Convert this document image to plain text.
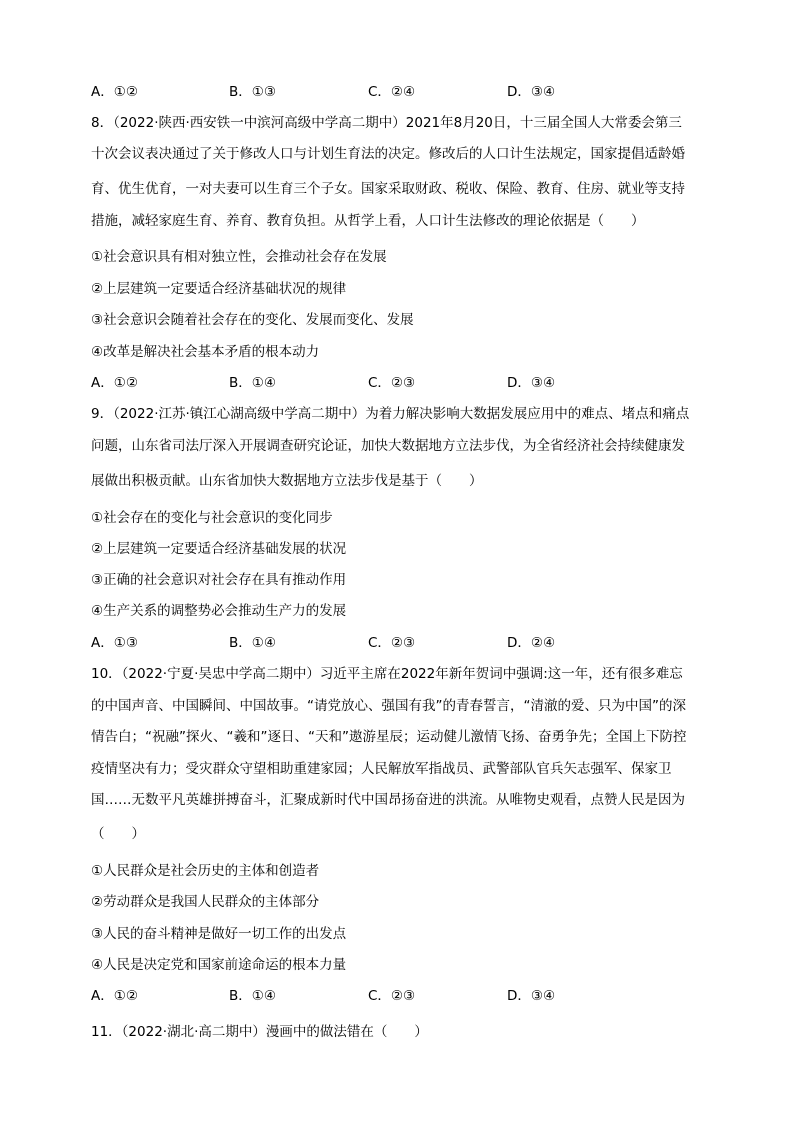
A．①②	B．①③	C．②④	D．③④
8．（2022·陕西·西安铁一中滨河高级中学高二期中）2021年8月20日，十三届全国人大常委会第三
十次会议表决通过了关于修改人口与计划生育法的决定。修改后的人口计生法规定，国家提倡适龄婚
育、优生优育，一对夫妻可以生育三个子女。国家采取财政、税收、保险、教育、住房、就业等支持
措施，减轻家庭生育、养育、教育负担。从哲学上看，人口计生法修改的理论依据是（　　）
①社会意识具有相对独立性，会推动社会存在发展
②上层建筑一定要适合经济基础状况的规律
③社会意识会随着社会存在的变化、发展而变化、发展
④改革是解决社会基本矛盾的根本动力
A．①②	B．①④	C．②③	D．③④
9．（2022·江苏·镇江心湖高级中学高二期中）为着力解决影响大数据发展应用中的难点、堵点和痛点
问题，山东省司法厅深入开展调查研究论证，加快大数据地方立法步伐，为全省经济社会持续健康发
展做出积极贡献。山东省加快大数据地方立法步伐是基于（　　）
①社会存在的变化与社会意识的变化同步
②上层建筑一定要适合经济基础发展的状况
③正确的社会意识对社会存在具有推动作用
④生产关系的调整势必会推动生产力的发展
A．①③	B．①④	C．②③	D．②④
10．（2022·宁夏·吴忠中学高二期中）习近平主席在2022年新年贺词中强调:这一年，还有很多难忘
的中国声音、中国瞬间、中国故事。“请党放心、强国有我”的青春誓言，“清澈的爱、只为中国”的深
情告白；“祝融”探火、“羲和”逐日、“天和”遨游星辰；运动健儿激情飞扬、奋勇争先；全国上下防控
疫情坚决有力；受灾群众守望相助重建家园；人民解放军指战员、武警部队官兵矢志强军、保家卫
国……无数平凡英雄拼搏奋斗，汇聚成新时代中国昂扬奋进的洪流。从唯物史观看，点赞人民是因为
（　　）
①人民群众是社会历史的主体和创造者
②劳动群众是我国人民群众的主体部分
③人民的奋斗精神是做好一切工作的出发点
④人民是决定党和国家前途命运的根本力量
A．①②	B．①④	C．②③	D．③④
11．（2022·湖北·高二期中）漫画中的做法错在（　　）
